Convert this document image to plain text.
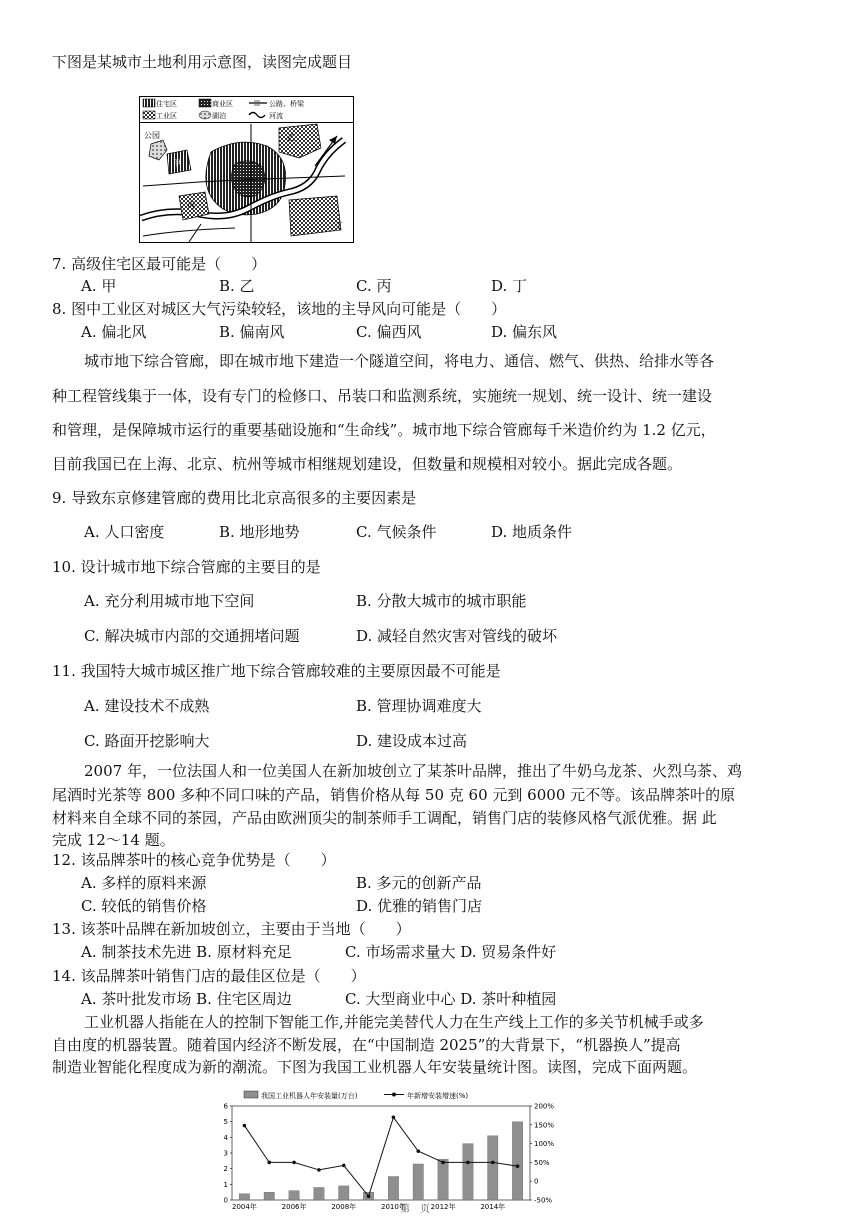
下图是某城市土地利用示意图，读图完成题目
住宅区	商业区	公路、桥梁
工业区	湖泊	河流
公园
甲
乙
丙
丁
7. 高级住宅区最可能是（　　）
A. 甲	B. 乙	C. 丙	D. 丁
8. 图中工业区对城区大气污染较轻，该地的主导风向可能是（　　）
A. 偏北风	B. 偏南风	C. 偏西风	D. 偏东风
城市地下综合管廊，即在城市地下建造一个隧道空间，将电力、通信、燃气、供热、给排水等各
种工程管线集于一体，设有专门的检修口、吊装口和监测系统，实施统一规划、统一设计、统一建设
和管理，是保障城市运行的重要基础设施和“生命线”。城市地下综合管廊每千米造价约为 1.2 亿元，
目前我国已在上海、北京、杭州等城市相继规划建设，但数量和规模相对较小。据此完成各题。
9. 导致东京修建管廊的费用比北京高很多的主要因素是
A. 人口密度	B. 地形地势	C. 气候条件	D. 地质条件
10. 设计城市地下综合管廊的主要目的是
A. 充分利用城市地下空间	B. 分散大城市的城市职能
C. 解决城市内部的交通拥堵问题	D. 减轻自然灾害对管线的破坏
11. 我国特大城市城区推广地下综合管廊较难的主要原因最不可能是
A. 建设技术不成熟	B. 管理协调难度大
C. 路面开挖影响大	D. 建设成本过高
2007 年，一位法国人和一位美国人在新加坡创立了某茶叶品牌，推出了牛奶乌龙茶、火烈乌茶、鸡
尾酒时光茶等 800 多种不同口味的产品，销售价格从每 50 克 60 元到 6000 元不等。该品牌茶叶的原
材料来自全球不同的茶园，产品由欧洲顶尖的制茶师手工调配，销售门店的装修风格气派优雅。据 此
完成 12～14 题。
12. 该品牌茶叶的核心竞争优势是（　　）
A. 多样的原料来源	B. 多元的创新产品
C. 较低的销售价格	D. 优雅的销售门店
13. 该茶叶品牌在新加坡创立，主要由于当地（　　）
A. 制茶技术先进 B. 原材料充足	C. 市场需求量大 D. 贸易条件好
14. 该品牌茶叶销售门店的最佳区位是（　　）
A. 茶叶批发市场 B. 住宅区周边	C. 大型商业中心 D. 茶叶种植园
工业机器人指能在人的控制下智能工作,并能完美替代人力在生产线上工作的多关节机械手或多
自由度的机器装置。随着国内经济不断发展，在“中国制造 2025”的大背景下，“机器换人”提高
制造业智能化程度成为新的潮流。下图为我国工业机器人年安装量统计图。读图，完成下面两题。
我国工业机器人年安装量(万台)	年新增安装增速(%)
0
1
2
3
4
5
6
-50%
0
50%
100%
150%
200%
2004年	2006年	2008年	2010年	2012年	2014年
第　页
